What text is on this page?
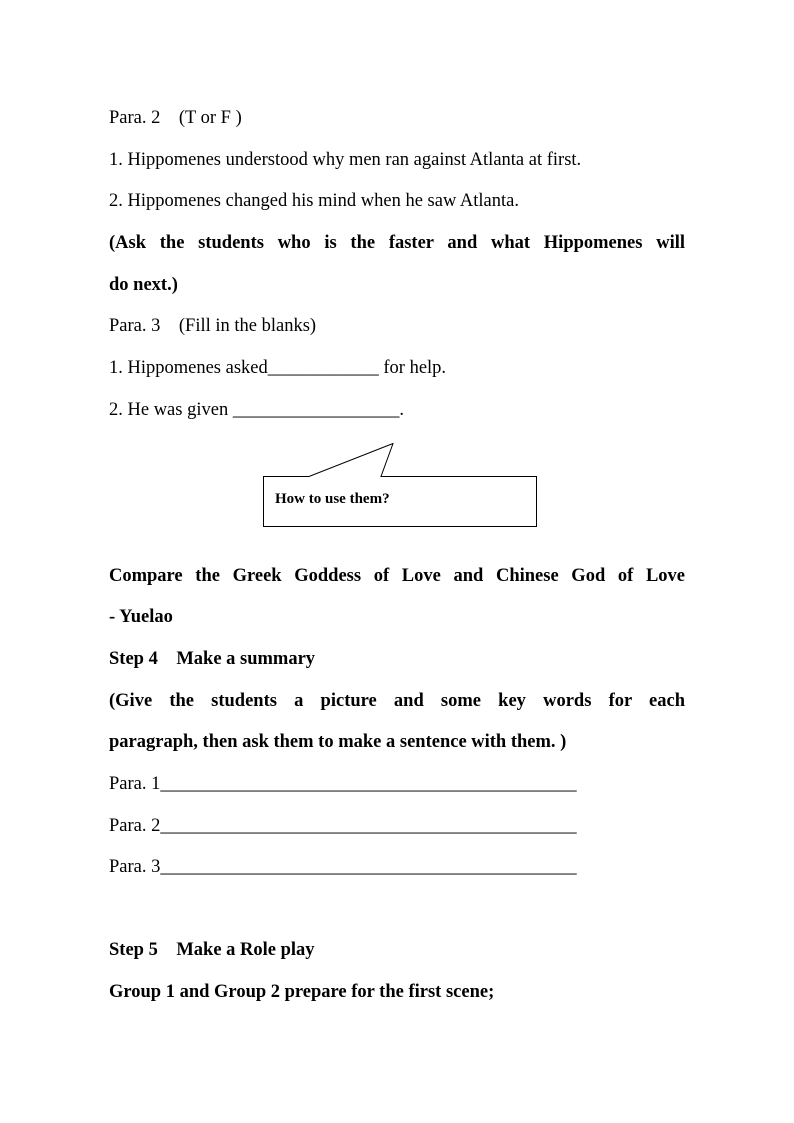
Para. 2    (T or F )
1. Hippomenes understood why men ran against Atlanta at first.
2. Hippomenes changed his mind when he saw Atlanta.
(Ask the students who is the faster and what Hippomenes will
do next.)
Para. 3    (Fill in the blanks)
1. Hippomenes asked____________ for help.
2. He was given __________________.
How to use them?
Compare the Greek Goddess of Love and Chinese God of Love
- Yuelao
Step 4    Make a summary
(Give the students a picture and some key words for each
paragraph, then ask them to make a sentence with them. )
Para. 1_____________________________________________
Para. 2_____________________________________________
Para. 3_____________________________________________
Step 5    Make a Role play
Group 1 and Group 2 prepare for the first scene;
